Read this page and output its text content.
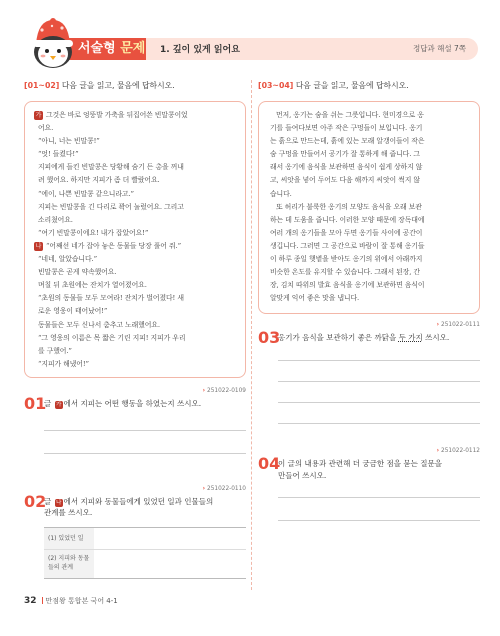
서술형 문제 1. 깊이 있게 읽어요	정답과 해설 7쪽
[01~02] 다음 글을 읽고, 물음에 답하시오.

가 그것은 바로 엉뚱발 가축을 뒤집어쓴 빈말콩이었

어요.

“아니, 너는 빈말콩!”

“엇! 들켰다!”

지피에게 들킨 빈말콩은 당황해 숨기 든 총을 꺼내

려 했어요. 하지만 지피가 좀 더 빨랐어요.

“에이, 나쁜 빈말콩 같으니라고.”

지피는 빈말콩을 긴 다리로 꽉어 눌렀어요. 그리고

소리쳤어요.

“여기 빈말콩이에요! 내가 잡았어요!”

나 “어째선 네가 잡아 놓은 동물들 당장 풀어 줘.”

“네네, 알았습니다.”

빈말콩은 곧게 약속했어요.

며칠 뒤 초원에는 잔치가 열어졌어요.

“초원의 동물들 모두 모여라! 잔치가 벌어졌다! 새

로운 영웅이 태어났어!”

동물들은 모두 신나서 춤추고 노래했어요.

“그 영웅의 이름은 목 짧은 기린 지피! 지피가 우리

를 구했어.”

“지피가 해냈어!”

› 251022-0109
01
글 가 에서 지피는 어떤 행동을 하였는지 쓰시오.
› 251022-0110
02
글 나 에서 지피와 동물들에게 있었던 일과 인물들의
관계를 쓰시오.
(1) 있었던 일
(2) 지피와 동물들의 관계
[03~04] 다음 글을 읽고, 물음에 답하시오.

먼저, 옹기는 숨을 쉬는 그릇입니다. 현미경으로 옹

기를 들여다보면 아주 작은 구멍들이 보입니다. 옹기

는 흙으로 만드는데, 흙에 있는 모래 알갱이들이 작은

숨 구멍을 만들어서 공기가 잘 통하게 해 줍니다. 그

래서 옹기에 음식을 보관하면 음식이 쉽게 상하지 않

고, 씨앗을 넣어 두어도 다음 해까지 씨앗이 썩지 않

습니다.

또 허리가 불룩한 옹기의 모양도 음식을 오래 보관

하는 데 도움을 줍니다. 이러한 모양 때문에 장독대에

여러 개의 옹기들을 모아 두면 옹기들 사이에 공간이

생깁니다. 그러면 그 공간으로 바람이 잘 통해 옹기들

이 하루 종일 햇볕을 받아도 옹기의 위에서 아래까지

비슷한 온도를 유지할 수 있습니다. 그래서 된장, 간

장, 김치 따위의 발효 음식을 옹기에 보관하면 음식이

알맞게 익어 좋은 맛을 냅니다.

› 251022-0111
03
옹기가 음식을 보관하기 좋은 까닭을 두 가지 쓰시오.
› 251022-0112
04
이 글의 내용과 관련해 더 궁금한 점을 묻는 질문을
만들어 쓰시오.
32 만점왕 통합본 국어 4-1
